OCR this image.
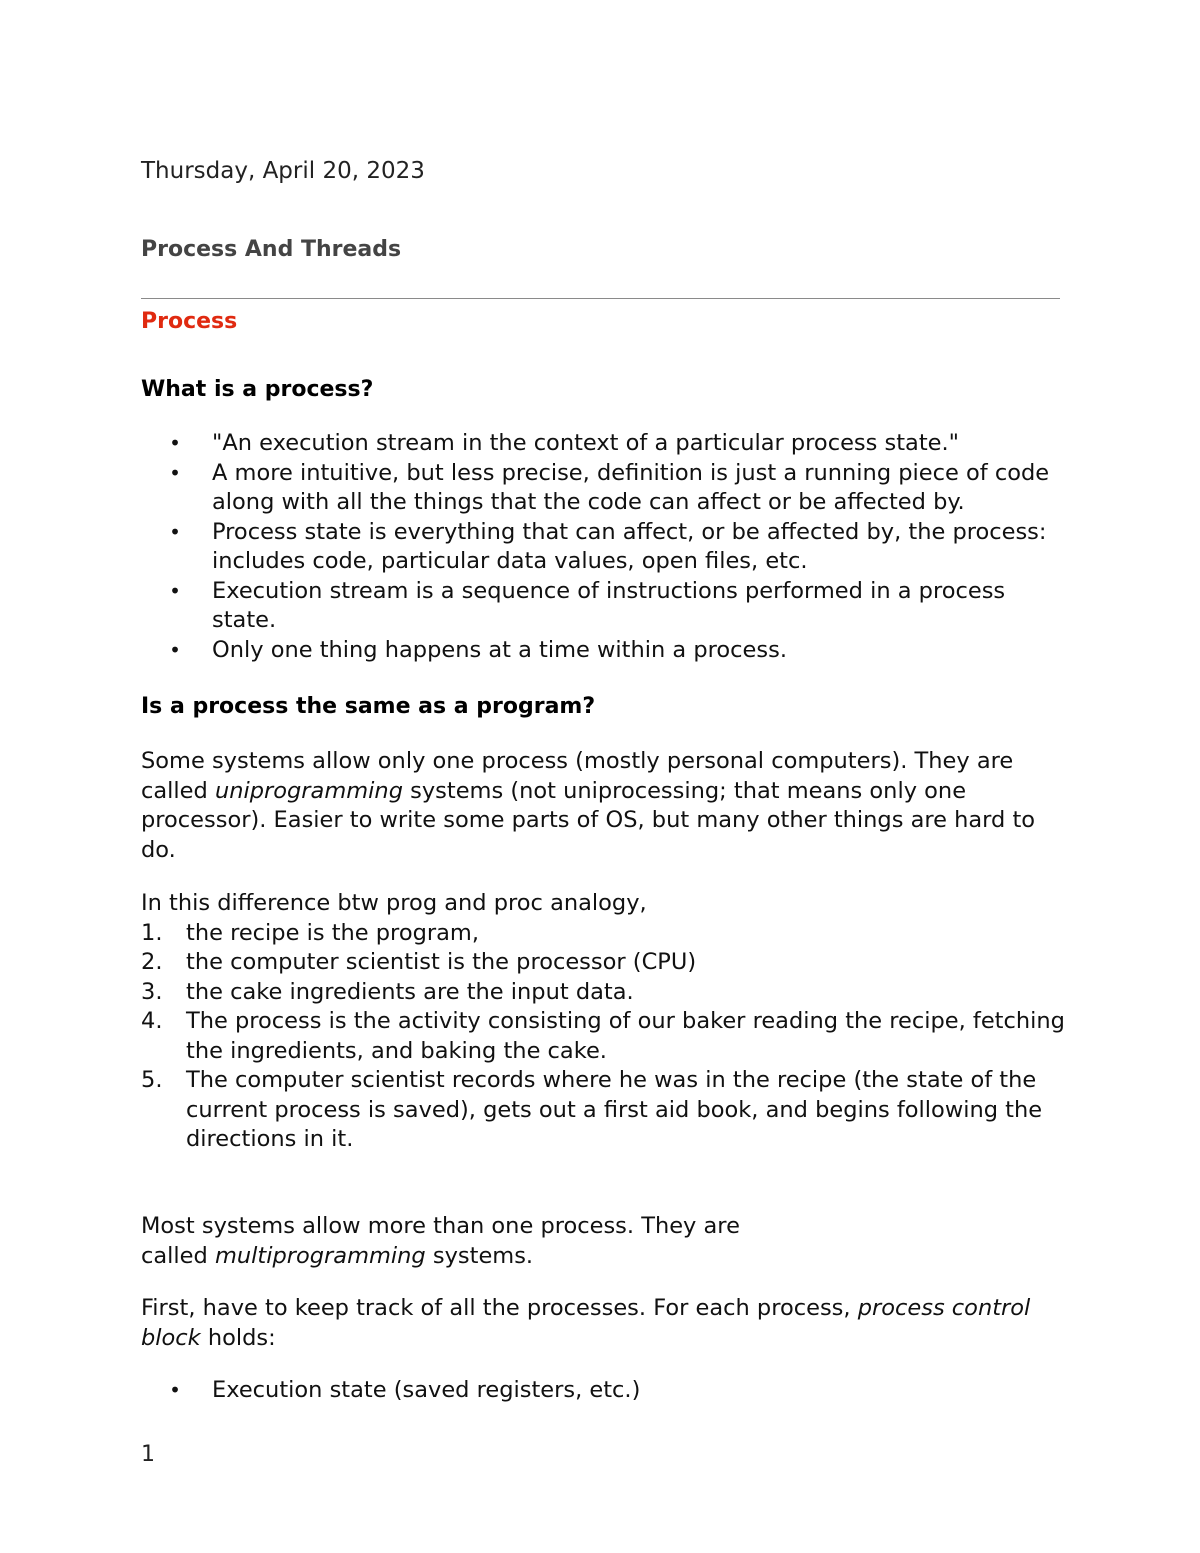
Thursday, April 20, 2023
Process And Threads
Process
What is a process?
• "An execution stream in the context of a particular process state."
• A more intuitive, but less precise, definition is just a running piece of code along with all the things that the code can affect or be affected by.
• Process state is everything that can affect, or be affected by, the process: includes code, particular data values, open files, etc.
• Execution stream is a sequence of instructions performed in a process state.
• Only one thing happens at a time within a process.
Is a process the same as a program?
Some systems allow only one process (mostly personal computers). They are called uniprogramming systems (not uniprocessing; that means only one processor). Easier to write some parts of OS, but many other things are hard to do.
In this difference btw prog and proc analogy,
1. the recipe is the program,
2. the computer scientist is the processor (CPU)
3. the cake ingredients are the input data.
4. The process is the activity consisting of our baker reading the recipe, fetching the ingredients, and baking the cake.
5. The computer scientist records where he was in the recipe (the state of the current process is saved), gets out a first aid book, and begins following the directions in it.
Most systems allow more than one process. They are
called multiprogramming systems.
First, have to keep track of all the processes. For each process, process control block holds:
• Execution state (saved registers, etc.)
1
